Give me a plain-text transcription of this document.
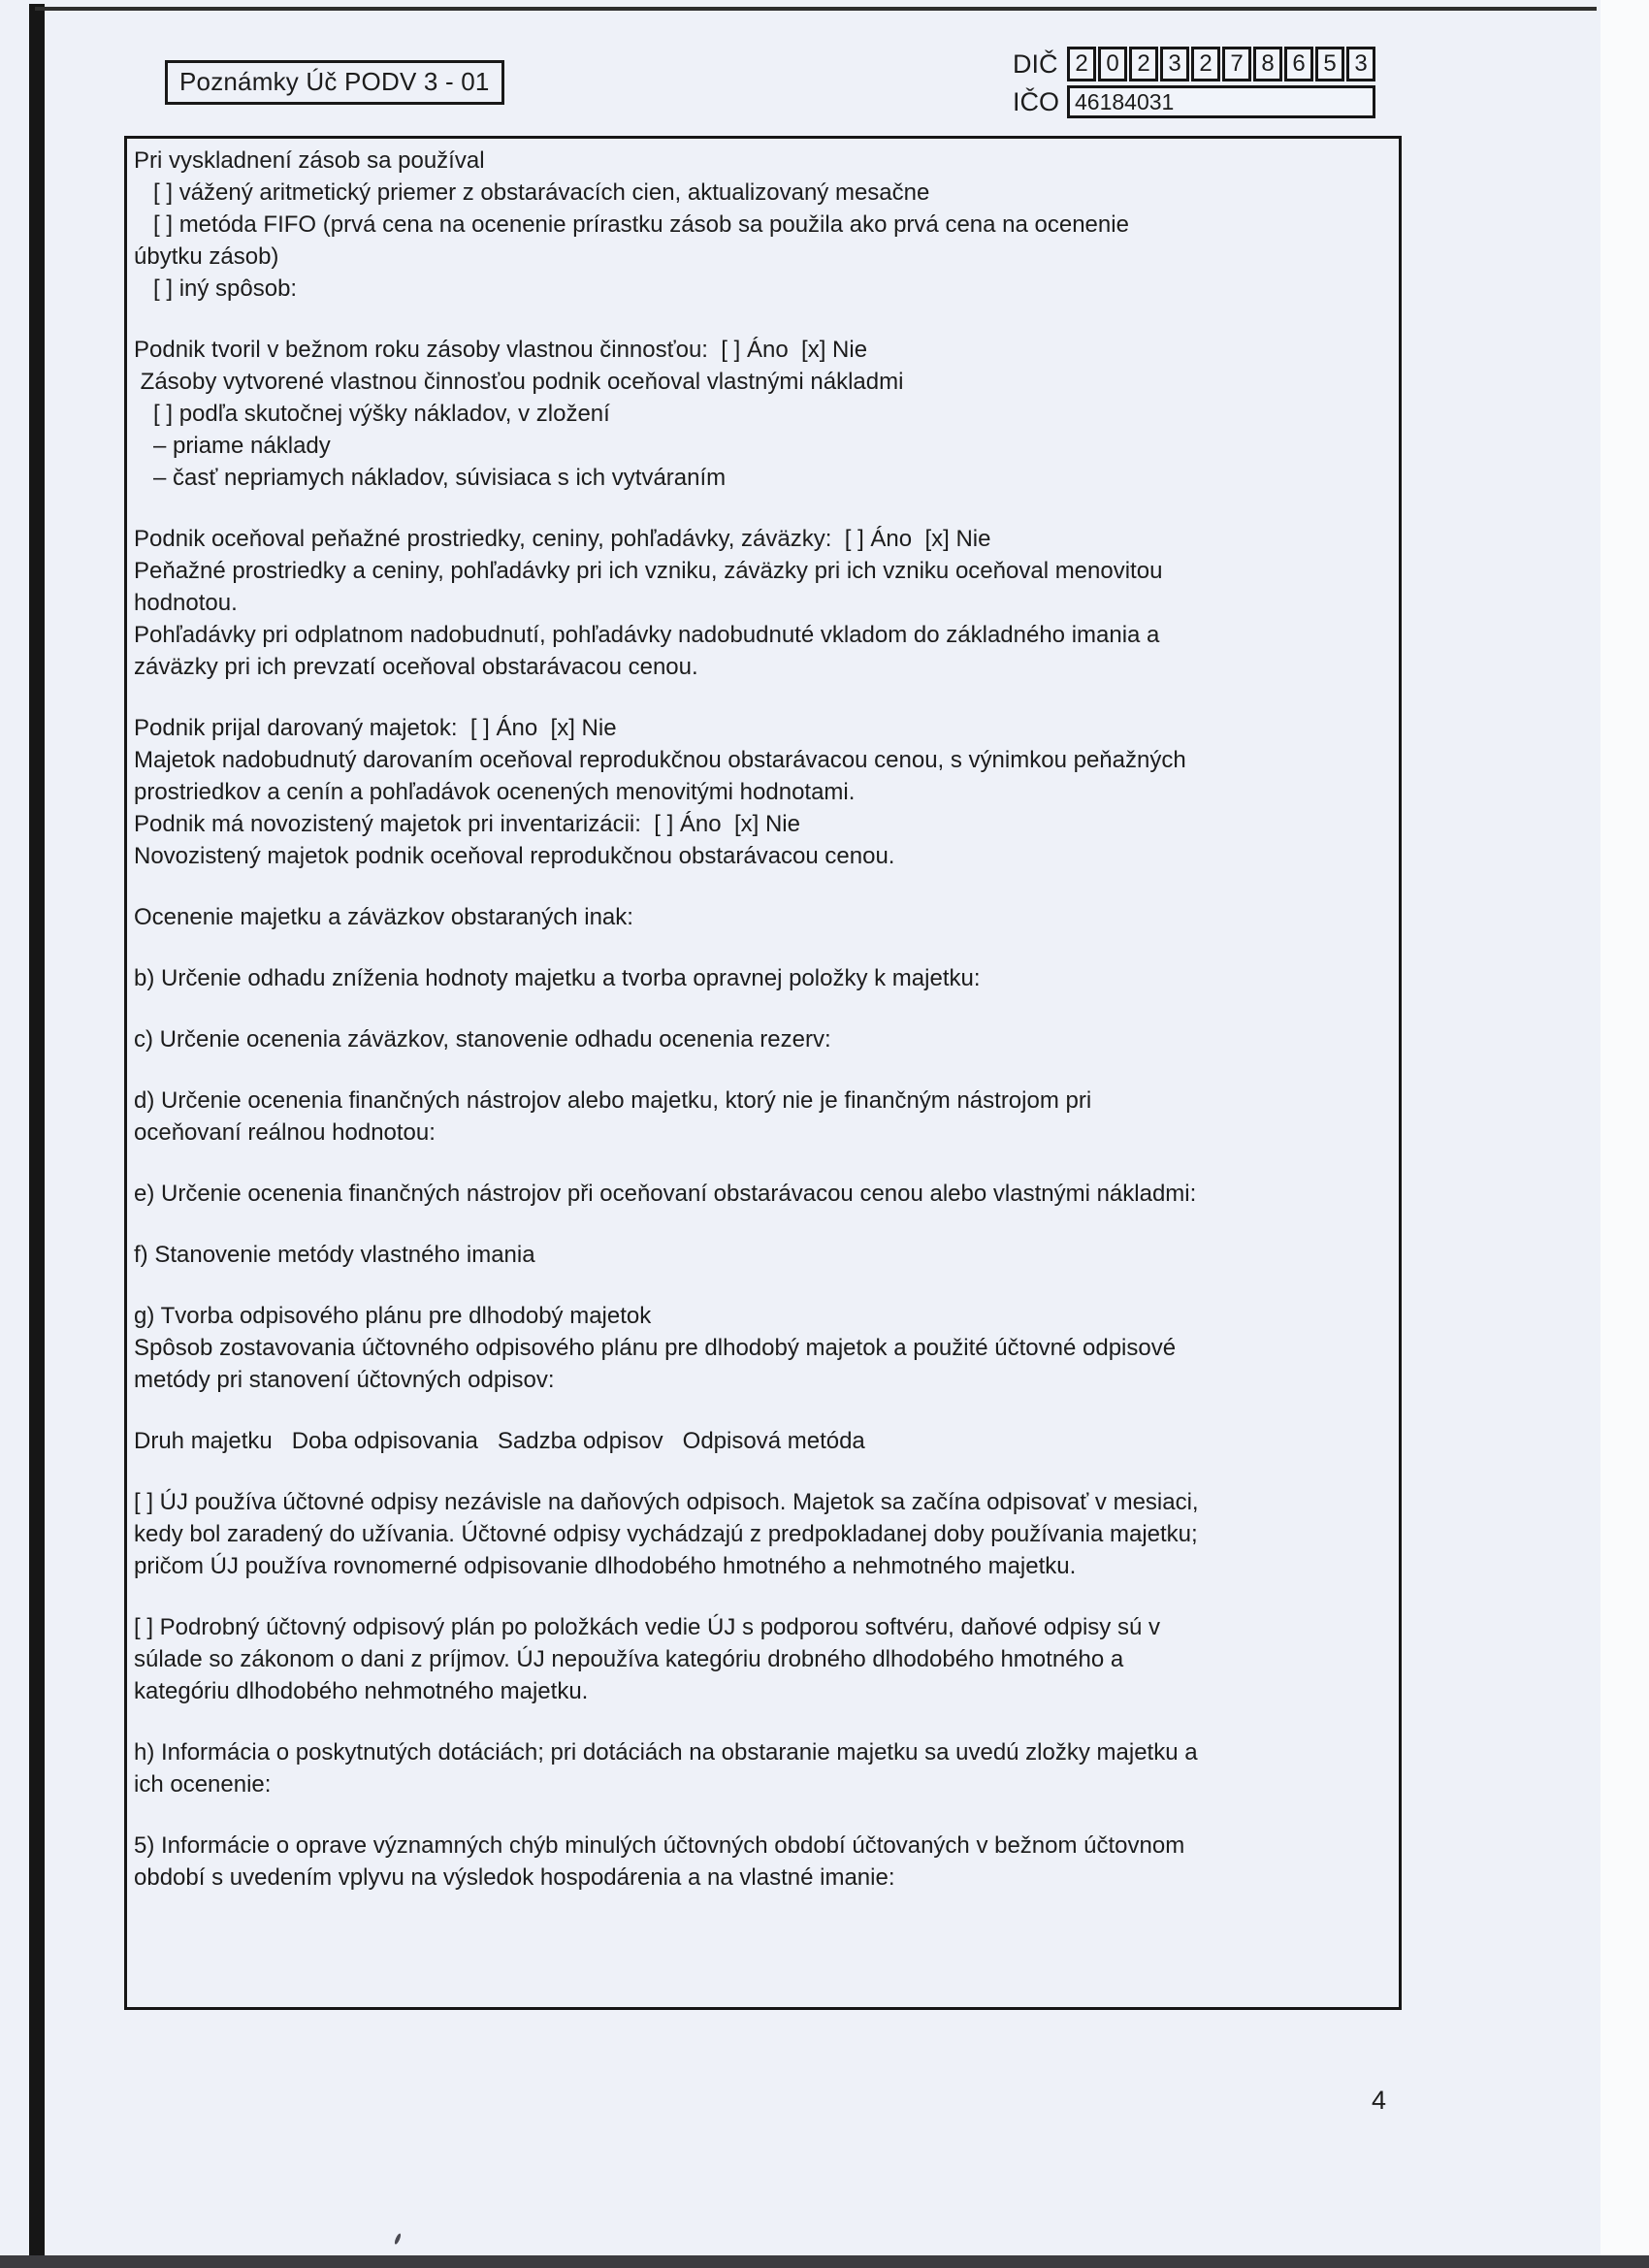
Poznámky Úč PODV 3 - 01
DIČ 2 0 2 3 2 7 8 6 5 3
IČO 46184031
Pri vyskladnení zásob sa používal
[ ] vážený aritmetický priemer z obstarávacích cien, aktualizovaný mesačne
[ ] metóda FIFO (prvá cena na ocenenie prírastku zásob sa použila ako prvá cena na ocenenie
úbytku zásob)
[ ] iný spôsob:
Podnik tvoril v bežnom roku zásoby vlastnou činnosťou:  [ ] Áno  [x] Nie
Zásoby vytvorené vlastnou činnosťou podnik oceňoval vlastnými nákladmi
[ ] podľa skutočnej výšky nákladov, v zložení
– priame náklady
– časť nepriamych nákladov, súvisiaca s ich vytváraním
Podnik oceňoval peňažné prostriedky, ceniny, pohľadávky, záväzky:  [ ] Áno  [x] Nie
Peňažné prostriedky a ceniny, pohľadávky pri ich vzniku, záväzky pri ich vzniku oceňoval menovitou
hodnotou.
Pohľadávky pri odplatnom nadobudnutí, pohľadávky nadobudnuté vkladom do základného imania a
záväzky pri ich prevzatí oceňoval obstarávacou cenou.
Podnik prijal darovaný majetok:  [ ] Áno  [x] Nie
Majetok nadobudnutý darovaním oceňoval reprodukčnou obstarávacou cenou, s výnimkou peňažných
prostriedkov a cenín a pohľadávok ocenených menovitými hodnotami.
Podnik má novozistený majetok pri inventarizácii:  [ ] Áno  [x] Nie
Novozistený majetok podnik oceňoval reprodukčnou obstarávacou cenou.
Ocenenie majetku a záväzkov obstaraných inak:
b) Určenie odhadu zníženia hodnoty majetku a tvorba opravnej položky k majetku:
c) Určenie ocenenia záväzkov, stanovenie odhadu ocenenia rezerv:
d) Určenie ocenenia finančných nástrojov alebo majetku, ktorý nie je finančným nástrojom pri
oceňovaní reálnou hodnotou:
e) Určenie ocenenia finančných nástrojov při oceňovaní obstarávacou cenou alebo vlastnými nákladmi:
f) Stanovenie metódy vlastného imania
g) Tvorba odpisového plánu pre dlhodobý majetok
Spôsob zostavovania účtovného odpisového plánu pre dlhodobý majetok a použité účtovné odpisové
metódy pri stanovení účtovných odpisov:
Druh majetku   Doba odpisovania   Sadzba odpisov   Odpisová metóda
[ ] ÚJ používa účtovné odpisy nezávisle na daňových odpisoch. Majetok sa začína odpisovať v mesiaci,
kedy bol zaradený do užívania. Účtovné odpisy vychádzajú z predpokladanej doby používania majetku;
pričom ÚJ používa rovnomerné odpisovanie dlhodobého hmotného a nehmotného majetku.
[ ] Podrobný účtovný odpisový plán po položkách vedie ÚJ s podporou softvéru, daňové odpisy sú v
súlade so zákonom o dani z príjmov. ÚJ nepoužíva kategóriu drobného dlhodobého hmotného a
kategóriu dlhodobého nehmotného majetku.
h) Informácia o poskytnutých dotáciách; pri dotáciách na obstaranie majetku sa uvedú zložky majetku a
ich ocenenie:
5) Informácie o oprave významných chýb minulých účtovných období účtovaných v bežnom účtovnom
období s uvedením vplyvu na výsledok hospodárenia a na vlastné imanie:
4
